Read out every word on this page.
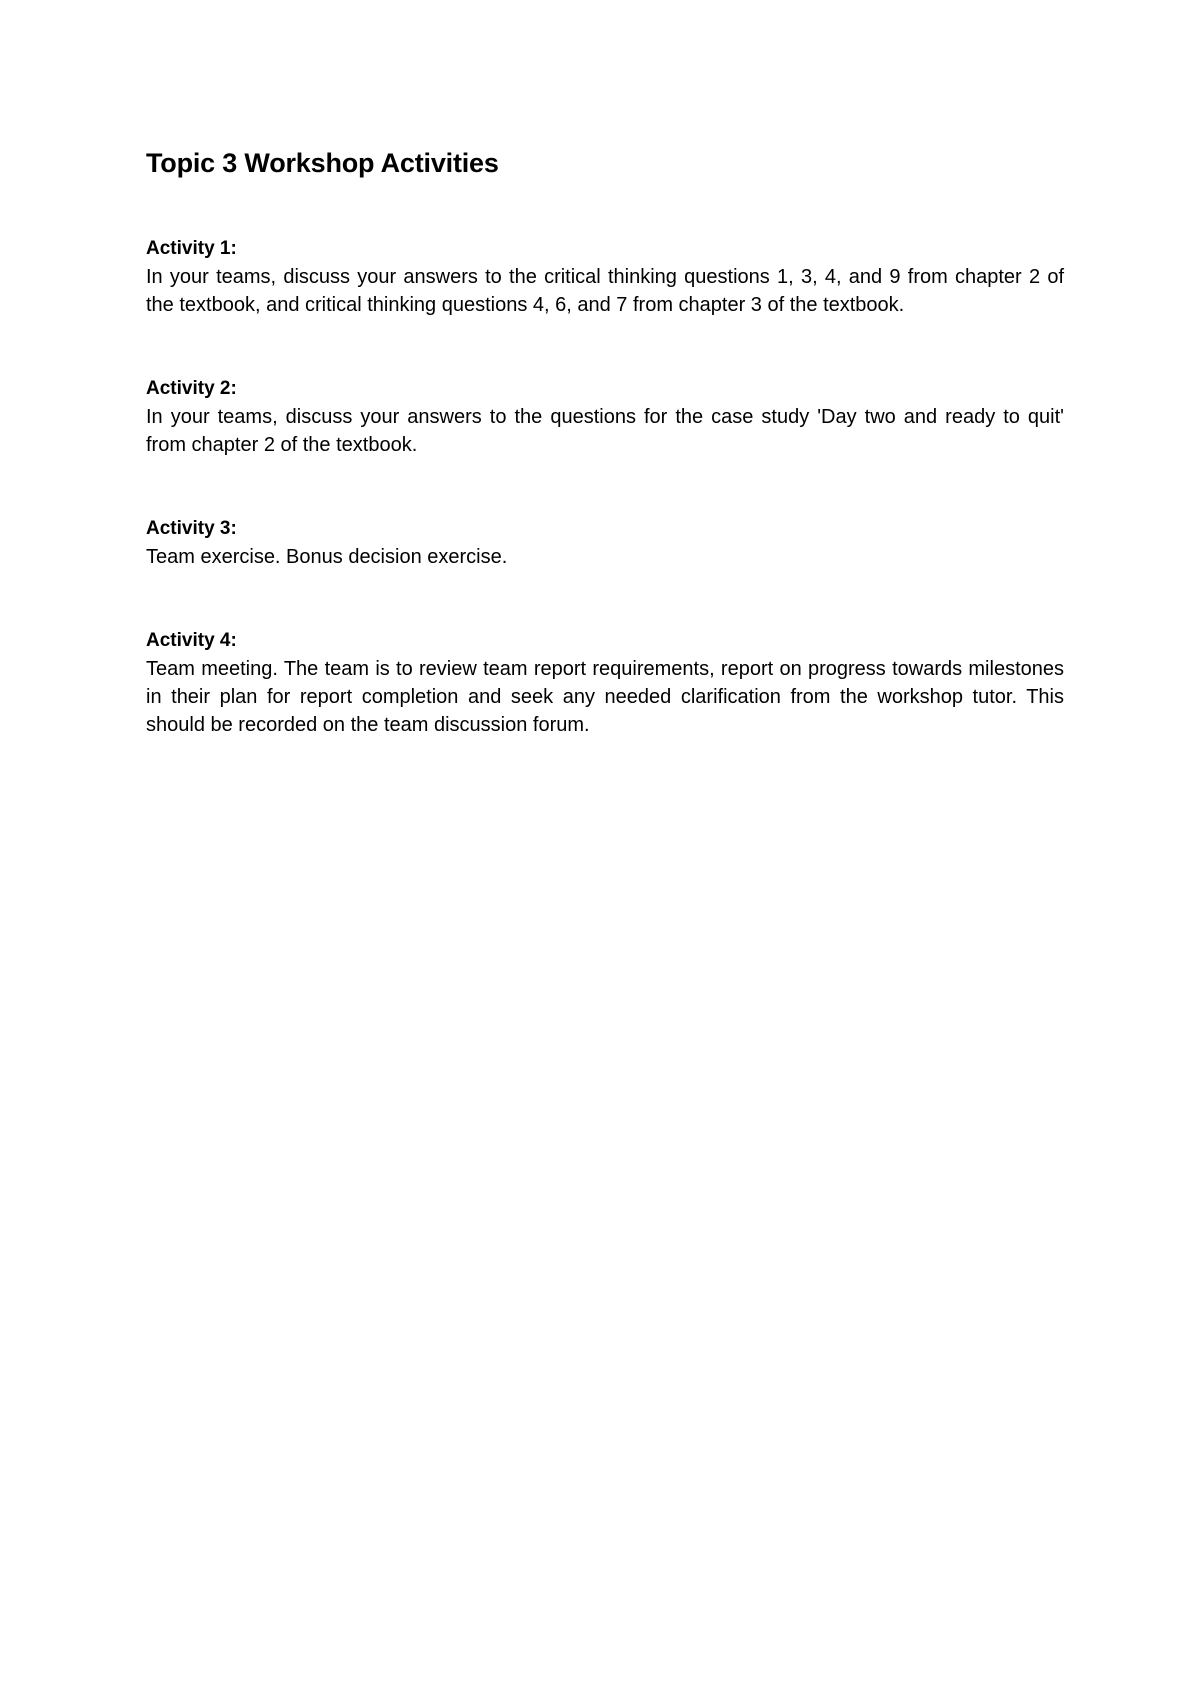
Topic 3 Workshop Activities

Activity 1:

In your teams, discuss your answers to the critical thinking questions 1, 3, 4, and 9 from chapter 2 of the textbook, and critical thinking questions 4, 6, and 7 from chapter 3 of the textbook.

Activity 2:

In your teams, discuss your answers to the questions for the case study 'Day two and ready to quit' from chapter 2 of the textbook.

Activity 3:

Team exercise. Bonus decision exercise.

Activity 4:

Team meeting. The team is to review team report requirements, report on progress towards milestones in their plan for report completion and seek any needed clarification from the workshop tutor. This should be recorded on the team discussion forum.
